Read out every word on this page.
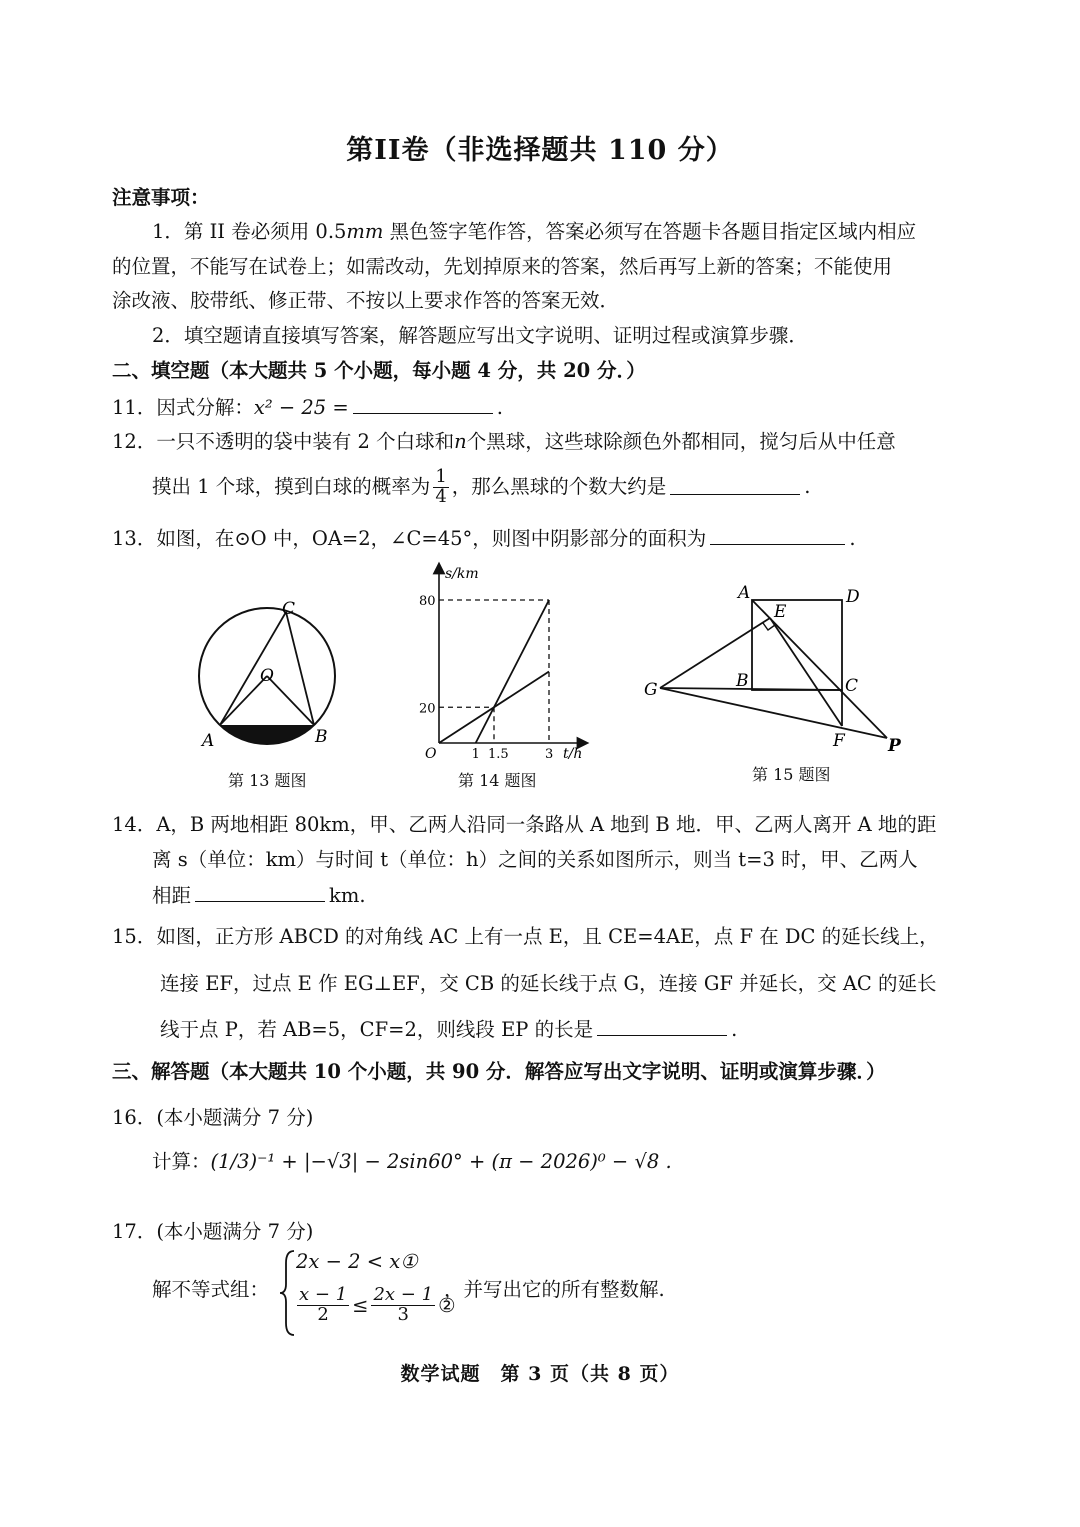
第II卷（非选择题共 110 分）
注意事项：
1．第 II 卷必须用 0.5mm 黑色签字笔作答，答案必须写在答题卡各题目指定区域内相应
的位置，不能写在试卷上；如需改动，先划掉原来的答案，然后再写上新的答案；不能使用
涂改液、胶带纸、修正带、不按以上要求作答的答案无效．
2．填空题请直接填写答案，解答题应写出文字说明、证明过程或演算步骤．
二、填空题（本大题共 5 个小题，每小题 4 分，共 20 分．）
11．因式分解：x² − 25 =	.
12．一只不透明的袋中装有 2 个白球和n个黑球，这些球除颜色外都相同，搅匀后从中任意
摸出 1 个球，摸到白球的概率为 $\frac{1}{4}$ ，那么黑球的个数大约是	.
13．如图，在⊙O 中，OA=2，∠C=45°，则图中阴影部分的面积为	.
C
O
A	B
第 13 题图
s/km
t/h
O
20
80
1 1.5	3
第 14 题图
A	D
E
B	C
G
F	P
第 15 题图
14．A，B 两地相距 80km，甲、乙两人沿同一条路从 A 地到 B 地．甲、乙两人离开 A 地的距
离 s（单位：km）与时间 t（单位：h）之间的关系如图所示，则当 t=3 时，甲、乙两人
相距	km.
15．如图，正方形 ABCD 的对角线 AC 上有一点 E，且 CE=4AE，点 F 在 DC 的延长线上，
连接 EF，过点 E 作 EG⊥EF，交 CB 的延长线于点 G，连接 GF 并延长，交 AC 的延长
线于点 P，若 AB=5，CF=2，则线段 EP 的长是	.
三、解答题（本大题共 10 个小题，共 90 分．解答应写出文字说明、证明或演算步骤．）
16．(本小题满分 7 分)
计算：(1/3)⁻¹ + |−√3| − 2sin60° + (π − 2026)⁰ − √8 .
17．(本小题满分 7 分)
解不等式组：
2x − 2 < x①
$\frac{x - 1}{2} \le \frac{2x - 1}{3}$ ②
，并写出它的所有整数解.
数学试题　第 3 页（共 8 页）
